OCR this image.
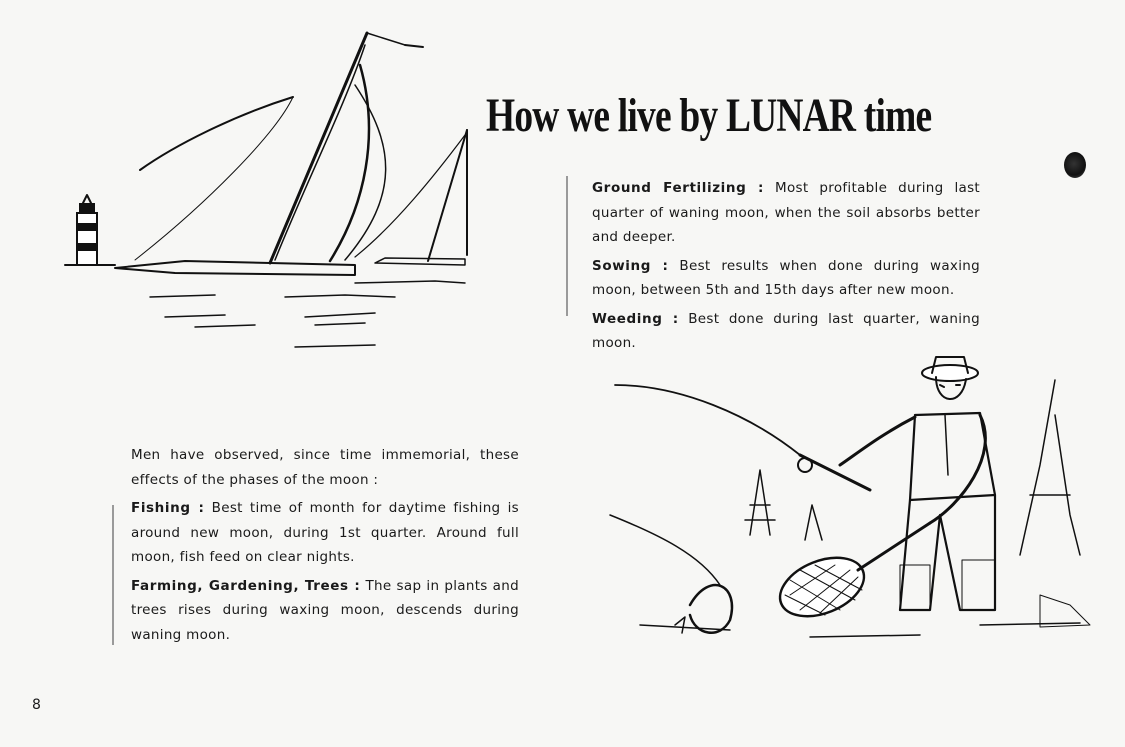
How we live by LUNAR time

Ground Fertilizing : Most profitable during last quarter of waning moon, when the soil absorbs better and deeper.

Sowing : Best results when done during waxing moon, between 5th and 15th days after new moon.

Weeding : Best done during last quarter, waning moon.

Men have observed, since time immemorial, these effects of the phases of the moon :

Fishing : Best time of month for daytime fishing is around new moon, during 1st quarter. Around full moon, fish feed on clear nights.

Farming, Gardening, Trees : The sap in plants and trees rises during waxing moon, descends during waning moon.

8
